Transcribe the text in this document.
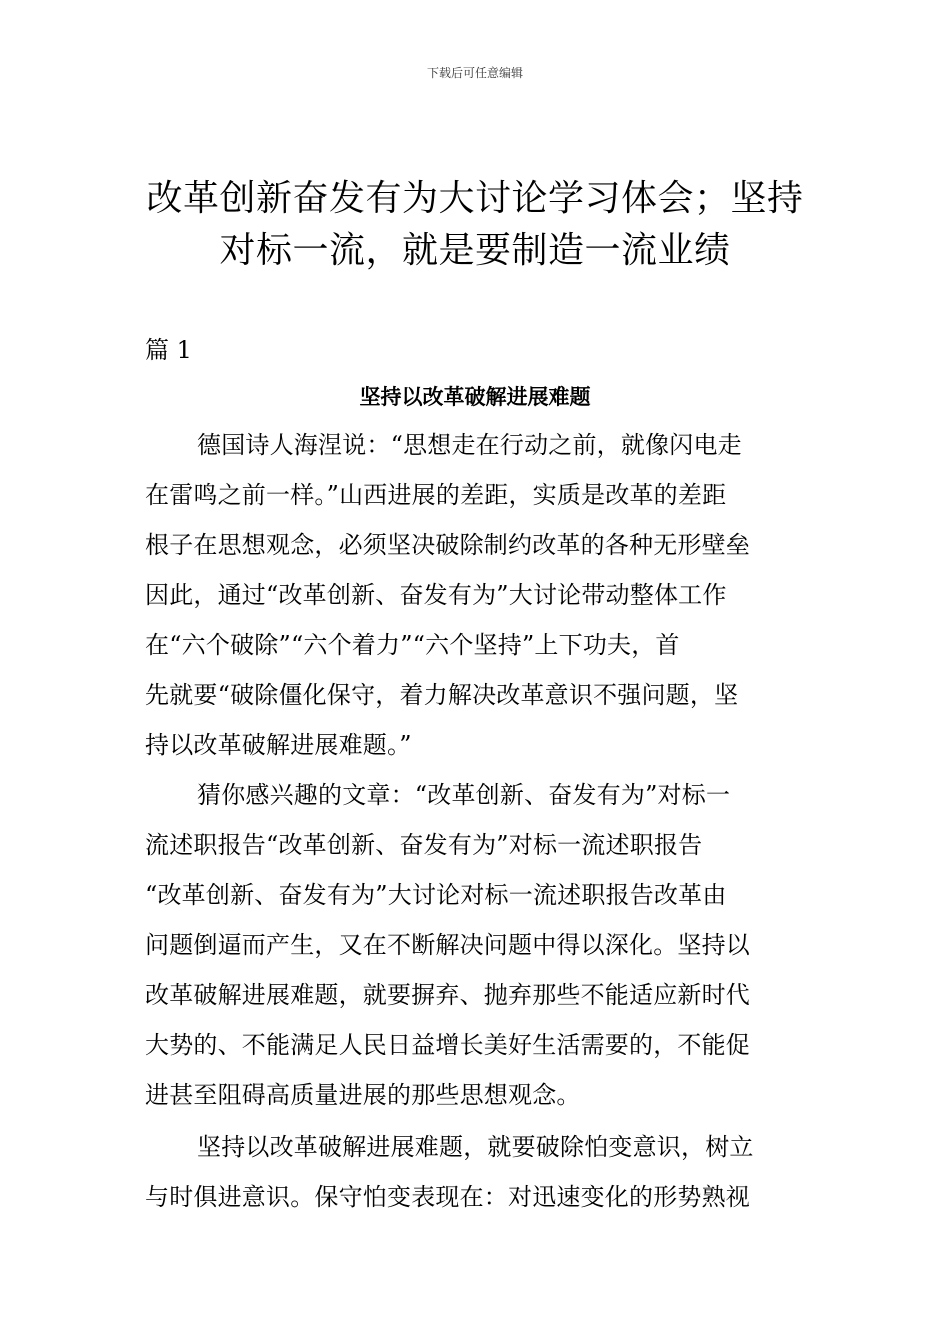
下载后可任意编辑
改革创新奋发有为大讨论学习体会；坚持
对标一流，就是要制造一流业绩
篇 1
坚持以改革破解进展难题
德国诗人海涅说：“思想走在行动之前，就像闪电走
在雷鸣之前一样。”山西进展的差距，实质是改革的差距
根子在思想观念，必须坚决破除制约改革的各种无形壁垒
因此，通过“改革创新、奋发有为”大讨论带动整体工作
在“六个破除”“六个着力”“六个坚持”上下功夫，首
先就要“破除僵化保守，着力解决改革意识不强问题，坚
持以改革破解进展难题。”
猜你感兴趣的文章：“改革创新、奋发有为”对标一
流述职报告“改革创新、奋发有为”对标一流述职报告
“改革创新、奋发有为”大讨论对标一流述职报告改革由
问题倒逼而产生，又在不断解决问题中得以深化。坚持以
改革破解进展难题，就要摒弃、抛弃那些不能适应新时代
大势的、不能满足人民日益增长美好生活需要的，不能促
进甚至阻碍高质量进展的那些思想观念。
坚持以改革破解进展难题，就要破除怕变意识，树立
与时俱进意识。保守怕变表现在：对迅速变化的形势熟视
